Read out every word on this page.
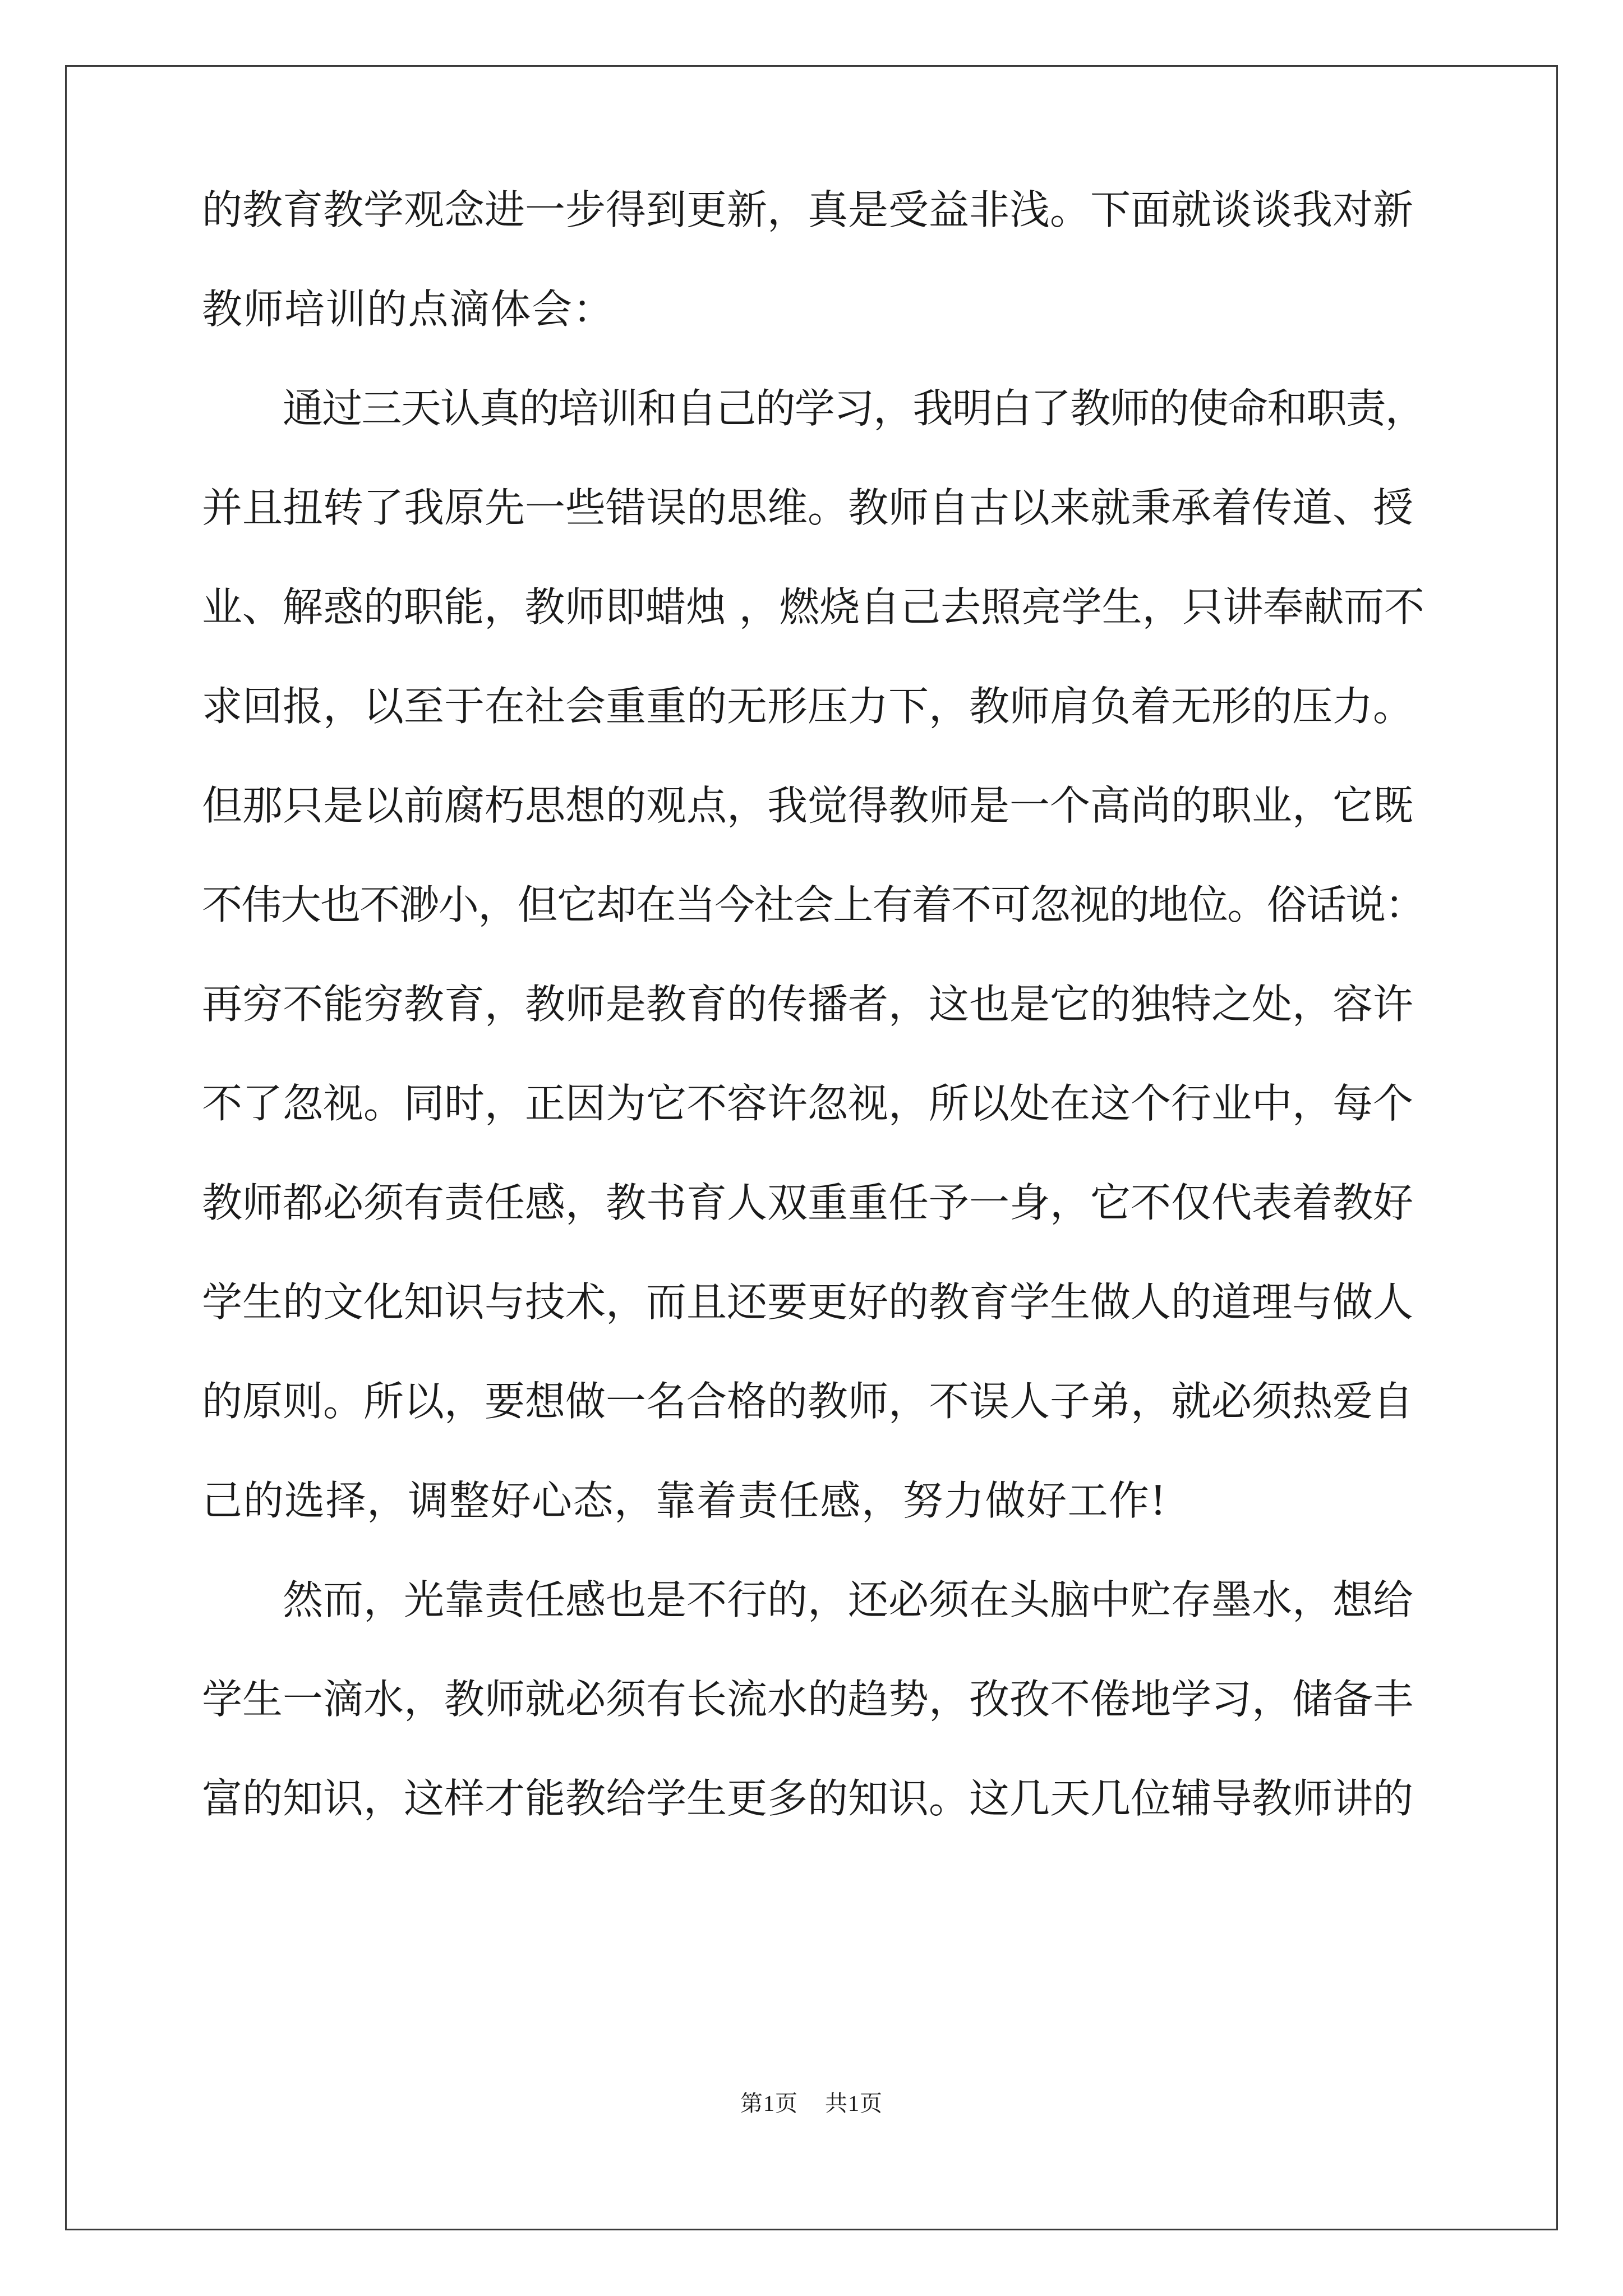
的教育教学观念进一步得到更新，真是受益非浅。下面就谈谈我对新
教师培训的点滴体会：
通过三天认真的培训和自己的学习，我明白了教师的使命和职责，
并且扭转了我原先一些错误的思维。教师自古以来就秉承着传道、授
业、解惑的职能，教师即蜡烛 ，燃烧自己去照亮学生，只讲奉献而不
求回报，以至于在社会重重的无形压力下，教师肩负着无形的压力。
但那只是以前腐朽思想的观点，我觉得教师是一个高尚的职业，它既
不伟大也不渺小，但它却在当今社会上有着不可忽视的地位。俗话说：
再穷不能穷教育，教师是教育的传播者，这也是它的独特之处，容许
不了忽视。同时，正因为它不容许忽视，所以处在这个行业中，每个
教师都必须有责任感，教书育人双重重任予一身，它不仅代表着教好
学生的文化知识与技术，而且还要更好的教育学生做人的道理与做人
的原则。所以，要想做一名合格的教师，不误人子弟，就必须热爱自
己的选择，调整好心态，靠着责任感，努力做好工作!
然而，光靠责任感也是不行的，还必须在头脑中贮存墨水，想给
学生一滴水，教师就必须有长流水的趋势，孜孜不倦地学习，储备丰
富的知识，这样才能教给学生更多的知识。这几天几位辅导教师讲的
第1页 共1页
